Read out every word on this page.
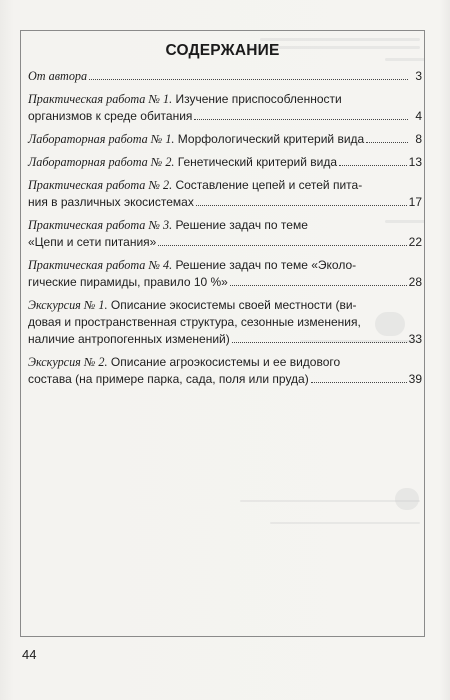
СОДЕРЖАНИЕ
От автора	3
Практическая работа № 1. Изучение приспособленности
организмов к среде обитания	4
Лабораторная работа № 1. Морфологический критерий вида	8
Лабораторная работа № 2. Генетический критерий вида	13
Практическая работа № 2. Составление цепей и сетей пита-
ния в различных экосистемах	17
Практическая работа № 3. Решение задач по теме
«Цепи и сети питания»	22
Практическая работа № 4. Решение задач по теме «Эколо-
гические пирамиды, правило 10 %»	28
Экскурсия № 1. Описание экосистемы своей местности (ви-
довая и пространственная структура, сезонные изменения,
наличие антропогенных изменений)	33
Экскурсия № 2. Описание агроэкосистемы и ее видового
состава (на примере парка, сада, поля или пруда)	39
44
